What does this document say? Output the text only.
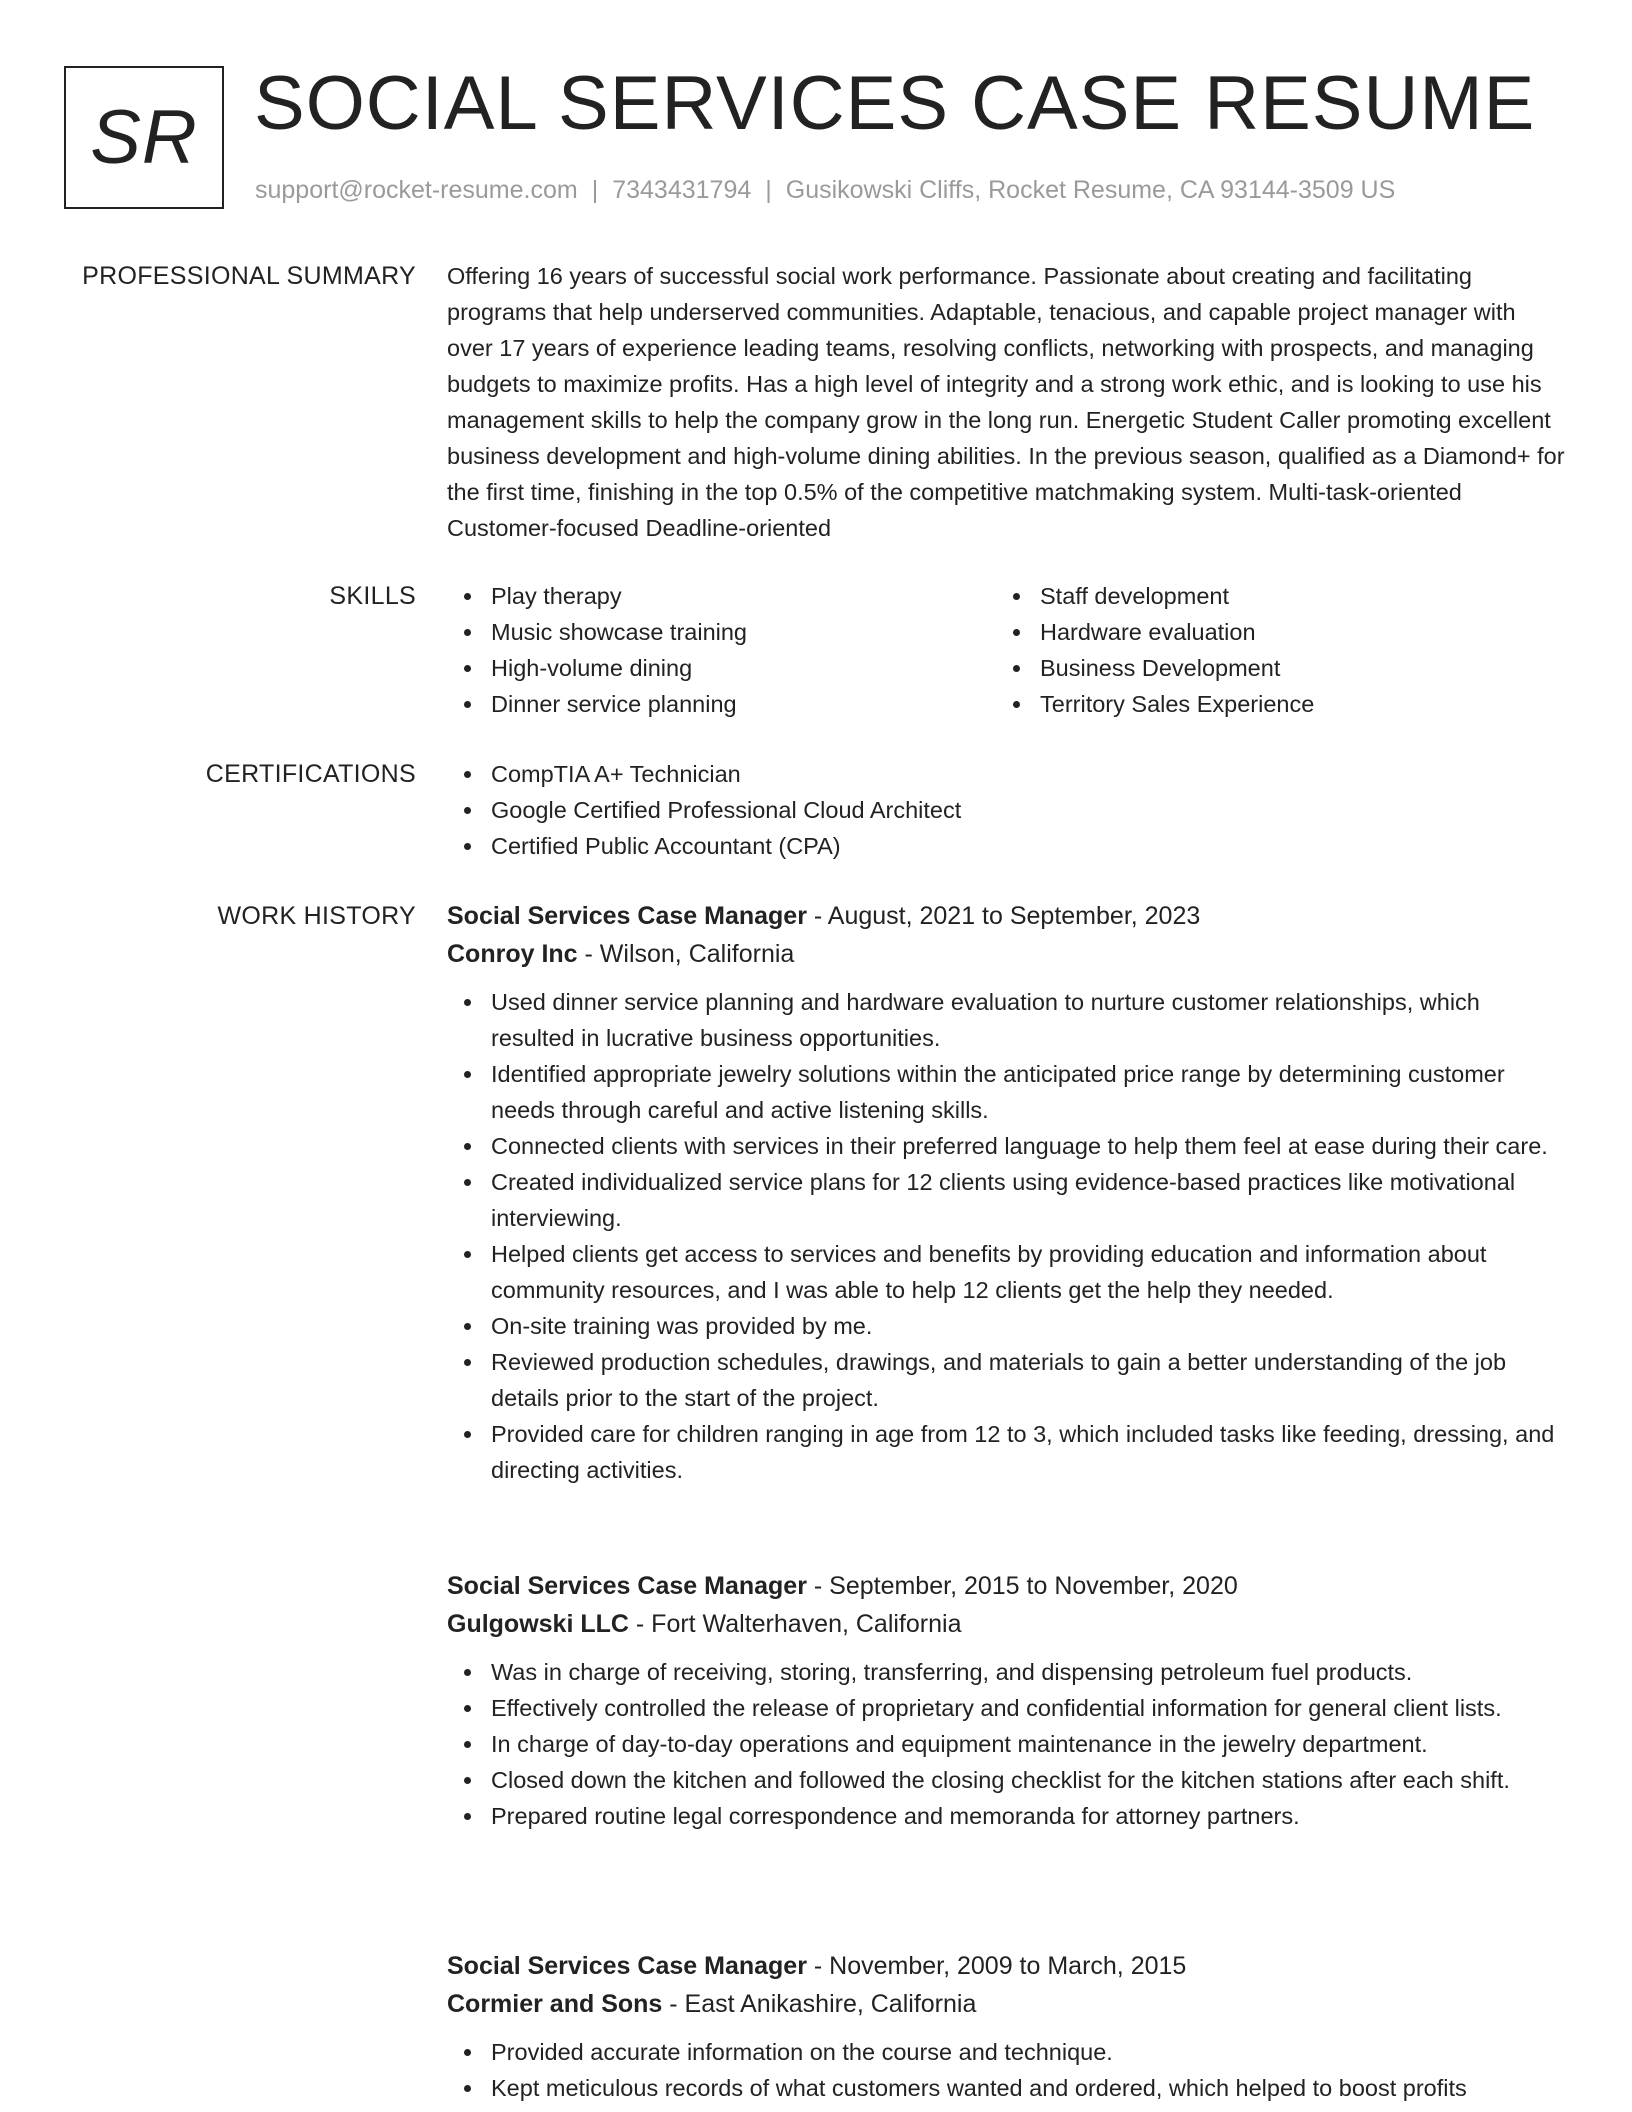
SR SOCIAL SERVICES CASE RESUME
support@rocket-resume.com | 7343431794 | Gusikowski Cliffs, Rocket Resume, CA 93144-3509 US
PROFESSIONAL SUMMARY Offering 16 years of successful social work performance. Passionate about creating and facilitating programs that help underserved communities. Adaptable, tenacious, and capable project manager with over 17 years of experience leading teams, resolving conflicts, networking with prospects, and managing budgets to maximize profits. Has a high level of integrity and a strong work ethic, and is looking to use his management skills to help the company grow in the long run. Energetic Student Caller promoting excellent business development and high-volume dining abilities. In the previous season, qualified as a Diamond+ for the first time, finishing in the top 0.5% of the competitive matchmaking system. Multi-task-oriented Customer-focused Deadline-oriented
SKILLS	Play therapy
Music showcase training
High-volume dining
Dinner service planning
Staff development
Hardware evaluation
Business Development
Territory Sales Experience
CERTIFICATIONS	CompTIA A+ Technician
Google Certified Professional Cloud Architect
Certified Public Accountant (CPA)
WORK HISTORY Social Services Case Manager - August, 2021 to September, 2023
Conroy Inc - Wilson, California
Used dinner service planning and hardware evaluation to nurture customer relationships, which resulted in lucrative business opportunities.
Identified appropriate jewelry solutions within the anticipated price range by determining customer needs through careful and active listening skills.
Connected clients with services in their preferred language to help them feel at ease during their care.
Created individualized service plans for 12 clients using evidence-based practices like motivational interviewing.
Helped clients get access to services and benefits by providing education and information about community resources, and I was able to help 12 clients get the help they needed.
On-site training was provided by me.
Reviewed production schedules, drawings, and materials to gain a better understanding of the job details prior to the start of the project.
Provided care for children ranging in age from 12 to 3, which included tasks like feeding, dressing, and directing activities.
Social Services Case Manager - September, 2015 to November, 2020
Gulgowski LLC - Fort Walterhaven, California
Was in charge of receiving, storing, transferring, and dispensing petroleum fuel products.
Effectively controlled the release of proprietary and confidential information for general client lists.
In charge of day-to-day operations and equipment maintenance in the jewelry department.
Closed down the kitchen and followed the closing checklist for the kitchen stations after each shift.
Prepared routine legal correspondence and memoranda for attorney partners.
Social Services Case Manager - November, 2009 to March, 2015
Cormier and Sons - East Anikashire, California
Provided accurate information on the course and technique.
Kept meticulous records of what customers wanted and ordered, which helped to boost profits
